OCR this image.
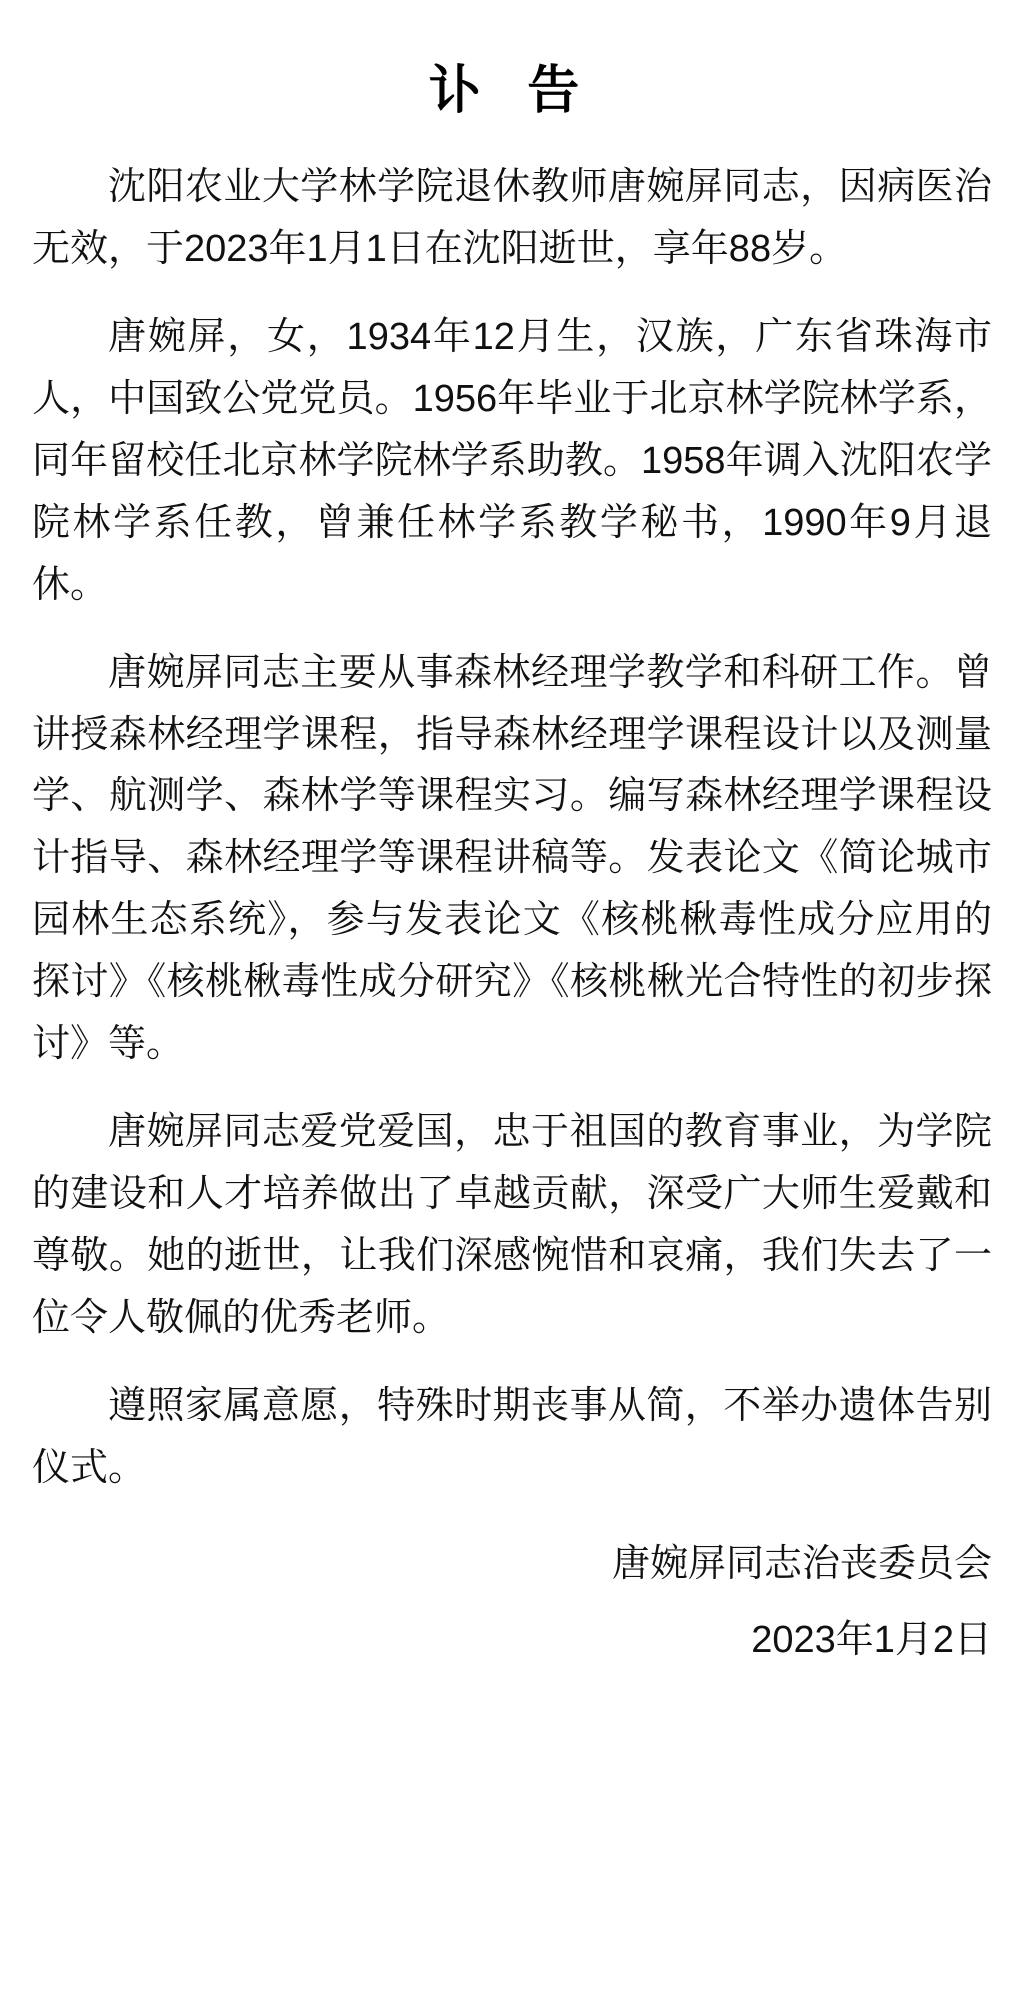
讣 告

沈阳农业大学林学院退休教师唐婉屏同志，因病医治无效，于2023年1月1日在沈阳逝世，享年88岁。

唐婉屏，女，1934年12月生，汉族，广东省珠海市人，中国致公党党员。1956年毕业于北京林学院林学系，同年留校任北京林学院林学系助教。1958年调入沈阳农学院林学系任教，曾兼任林学系教学秘书，1990年9月退休。

唐婉屏同志主要从事森林经理学教学和科研工作。曾讲授森林经理学课程，指导森林经理学课程设计以及测量学、航测学、森林学等课程实习。编写森林经理学课程设计指导、森林经理学等课程讲稿等。发表论文《简论城市园林生态系统》，参与发表论文《核桃楸毒性成分应用的探讨》《核桃楸毒性成分研究》《核桃楸光合特性的初步探讨》等。

唐婉屏同志爱党爱国，忠于祖国的教育事业，为学院的建设和人才培养做出了卓越贡献，深受广大师生爱戴和尊敬。她的逝世，让我们深感惋惜和哀痛，我们失去了一位令人敬佩的优秀老师。

遵照家属意愿，特殊时期丧事从简，不举办遗体告别仪式。

唐婉屏同志治丧委员会
2023年1月2日
